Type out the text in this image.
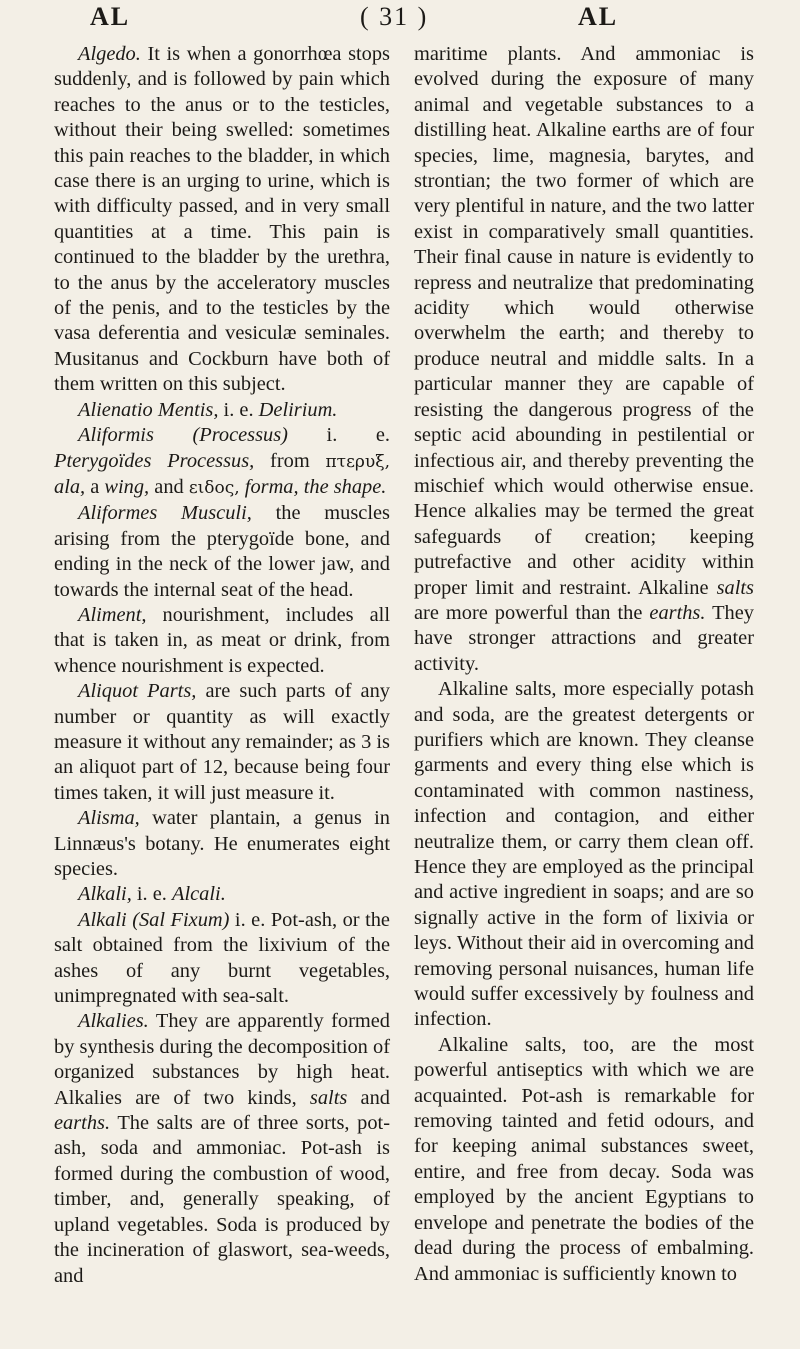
AL	( 31 )	AL

Algedo. It is when a gonorrhœa stops suddenly, and is followed by pain which reaches to the anus or to the testicles, without their being swelled: sometimes this pain reaches to the bladder, in which case there is an urging to urine, which is with difficulty passed, and in very small quantities at a time. This pain is continued to the bladder by the urethra, to the anus by the acceleratory muscles of the penis, and to the testicles by the vasa deferentia and vesiculæ seminales. Musitanus and Cockburn have both of them written on this subject.

Alienatio Mentis, i. e. Delirium.

Aliformis (Processus) i. e. Pterygoïdes Processus, from πτερυξ, ala, a wing, and ειδος, forma, the shape.

Aliformes Musculi, the muscles arising from the pterygoïde bone, and ending in the neck of the lower jaw, and towards the internal seat of the head.

Aliment, nourishment, includes all that is taken in, as meat or drink, from whence nourishment is expected.

Aliquot Parts, are such parts of any number or quantity as will exactly measure it without any remainder; as 3 is an aliquot part of 12, because being four times taken, it will just measure it.

Alisma, water plantain, a genus in Linnæus's botany. He enumerates eight species.

Alkali, i. e. Alcali.

Alkali (Sal Fixum) i. e. Pot-ash, or the salt obtained from the lixivium of the ashes of any burnt vegetables, unimpregnated with sea-salt.

Alkalies. They are apparently formed by synthesis during the decomposition of organized substances by high heat. Alkalies are of two kinds, salts and earths. The salts are of three sorts, pot-ash, soda and ammoniac. Pot-ash is formed during the combustion of wood, timber, and, generally speaking, of upland vegetables. Soda is produced by the incineration of glaswort, sea-weeds, and

maritime plants. And ammoniac is evolved during the exposure of many animal and vegetable substances to a distilling heat. Alkaline earths are of four species, lime, magnesia, barytes, and strontian; the two former of which are very plentiful in nature, and the two latter exist in comparatively small quantities. Their final cause in nature is evidently to repress and neutralize that predominating acidity which would otherwise overwhelm the earth; and thereby to produce neutral and middle salts. In a particular manner they are capable of resisting the dangerous progress of the septic acid abounding in pestilential or infectious air, and thereby preventing the mischief which would otherwise ensue. Hence alkalies may be termed the great safeguards of creation; keeping putrefactive and other acidity within proper limit and restraint. Alkaline salts are more powerful than the earths. They have stronger attractions and greater activity.

Alkaline salts, more especially potash and soda, are the greatest detergents or purifiers which are known. They cleanse garments and every thing else which is contaminated with common nastiness, infection and contagion, and either neutralize them, or carry them clean off. Hence they are employed as the principal and active ingredient in soaps; and are so signally active in the form of lixivia or leys. Without their aid in overcoming and removing personal nuisances, human life would suffer excessively by foulness and infection.

Alkaline salts, too, are the most powerful antiseptics with which we are acquainted. Pot-ash is remarkable for removing tainted and fetid odours, and for keeping animal substances sweet, entire, and free from decay. Soda was employed by the ancient Egyptians to envelope and penetrate the bodies of the dead during the process of embalming. And ammoniac is sufficiently known to
